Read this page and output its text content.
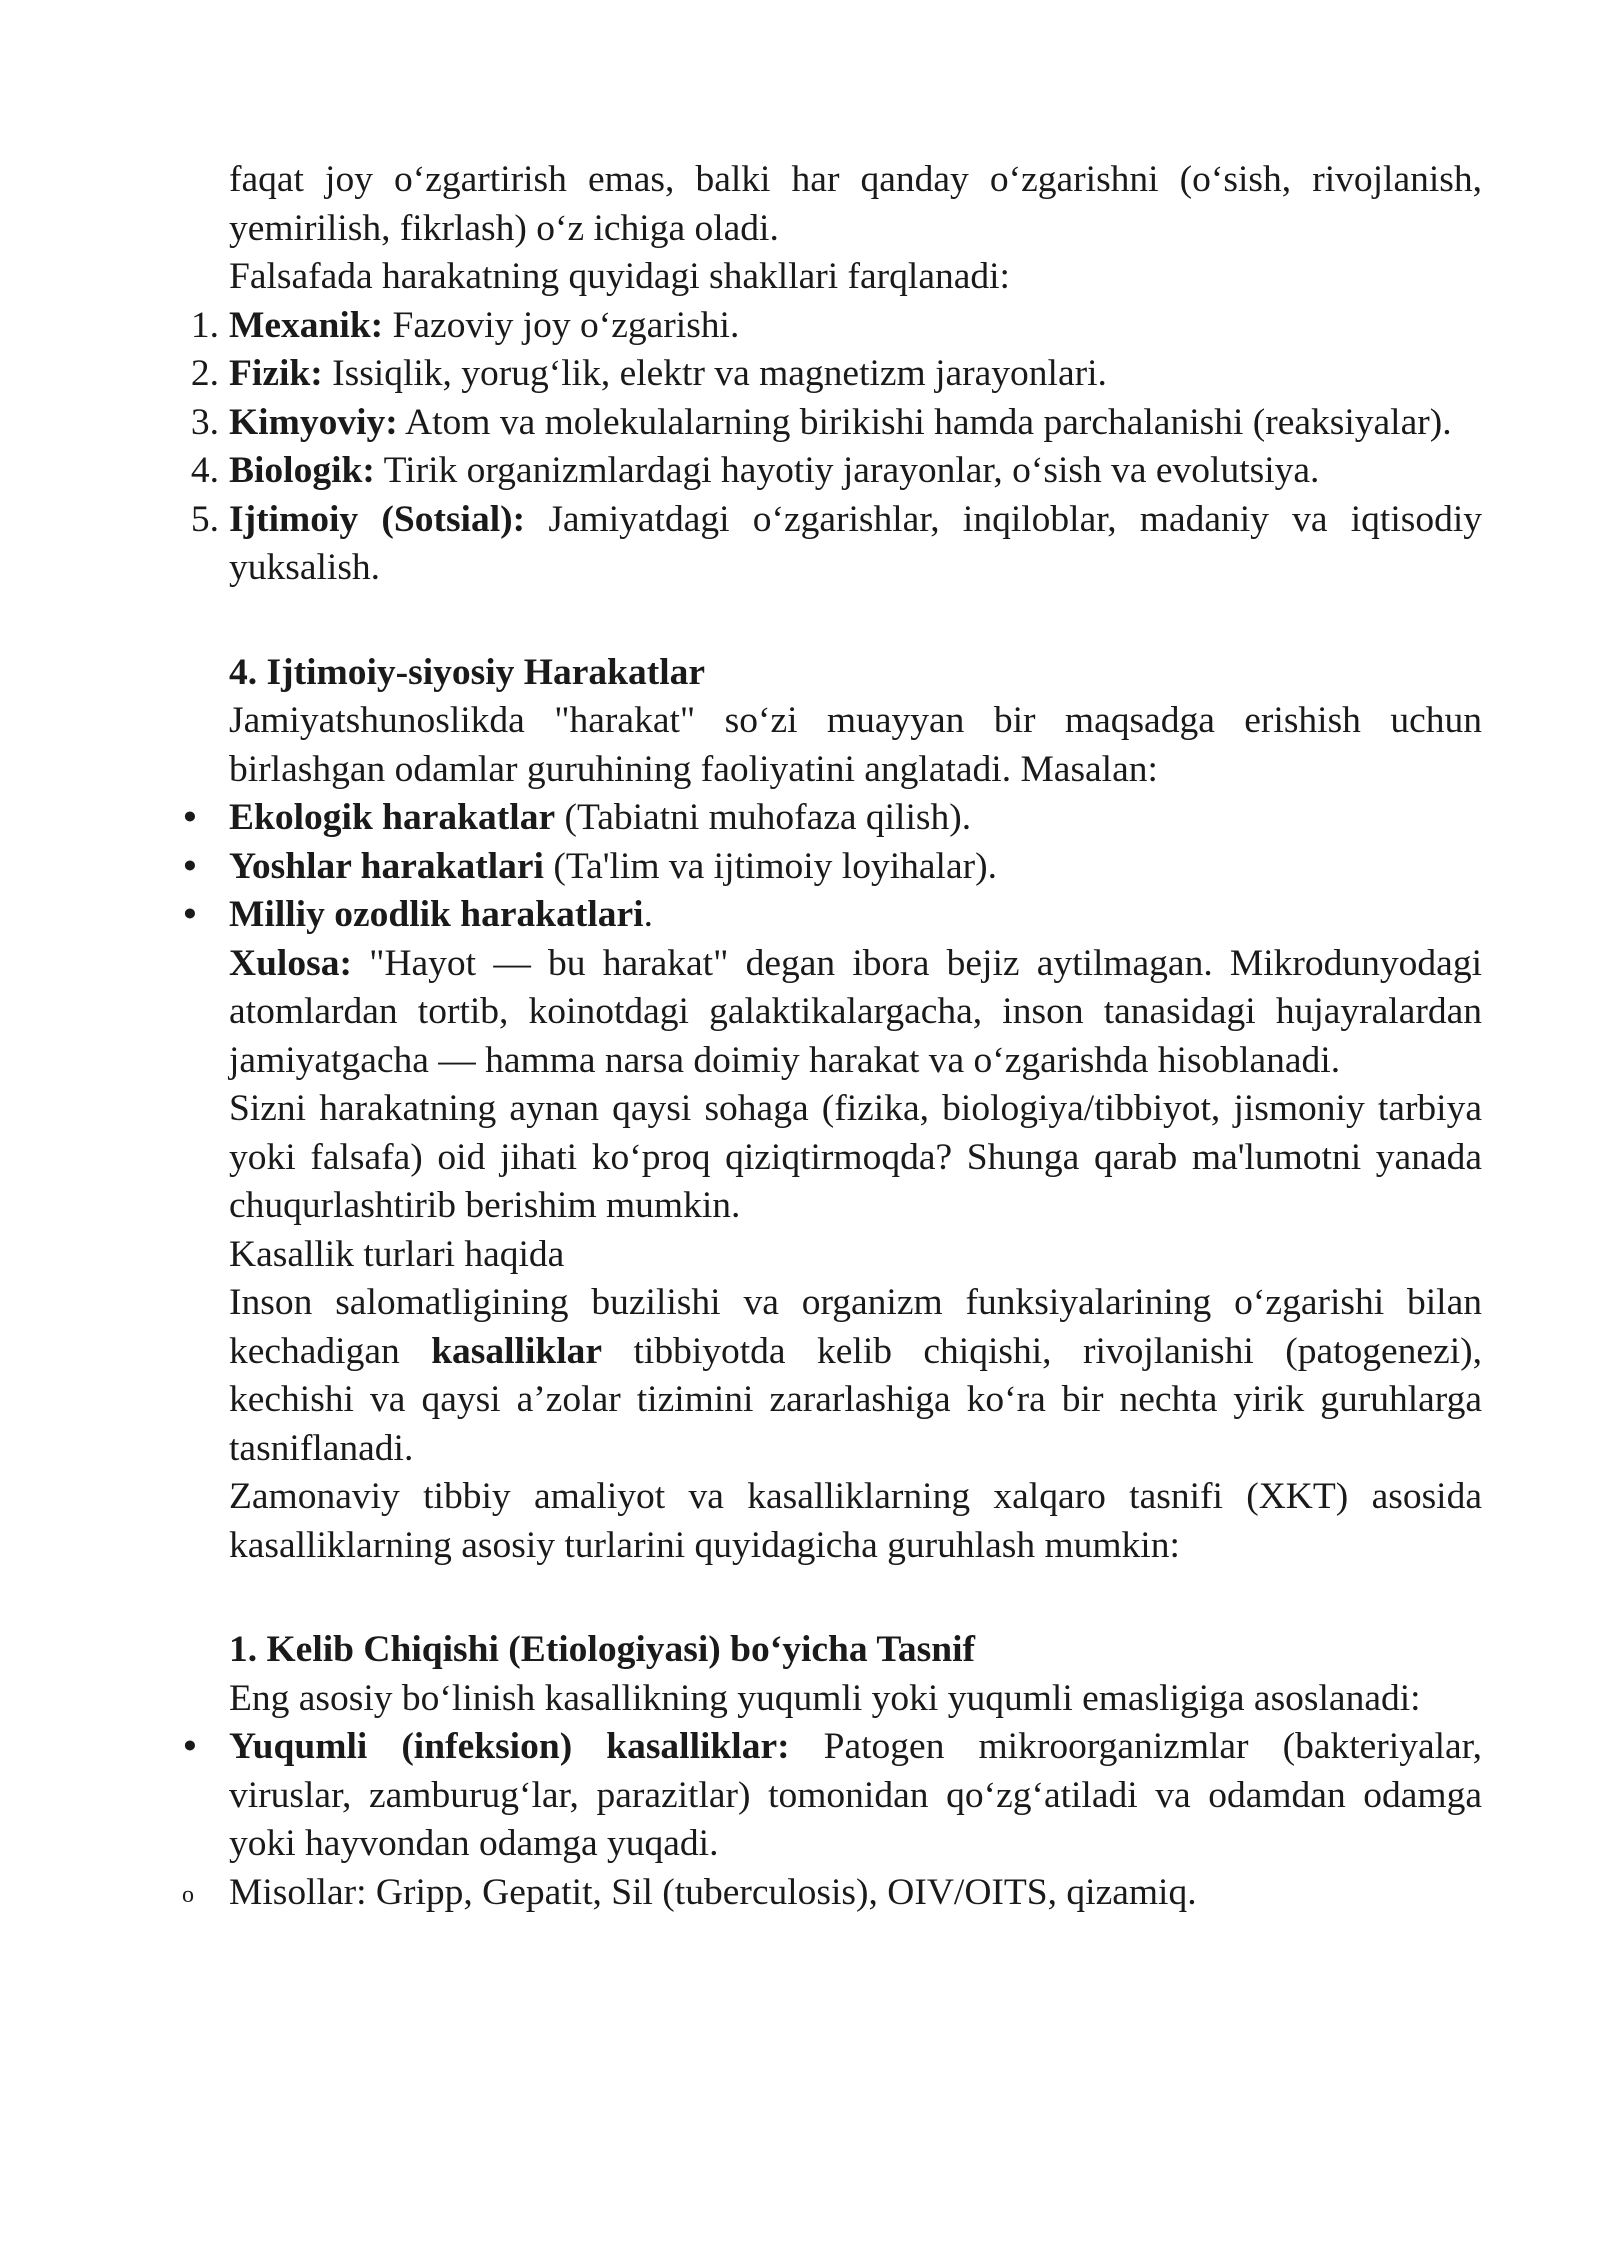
faqat joy o‘zgartirish emas, balki har qanday o‘zgarishni (o‘sish, rivojlanish, yemirilish, fikrlash) o‘z ichiga oladi.

Falsafada harakatning quyidagi shakllari farqlanadi:

1. Mexanik: Fazoviy joy o‘zgarishi.

2. Fizik: Issiqlik, yorug‘lik, elektr va magnetizm jarayonlari.

3. Kimyoviy: Atom va molekulalarning birikishi hamda parchalanishi (reaksiyalar).

4. Biologik: Tirik organizmlardagi hayotiy jarayonlar, o‘sish va evolutsiya.

5. Ijtimoiy (Sotsial): Jamiyatdagi o‘zgarishlar, inqiloblar, madaniy va iqtisodiy yuksalish.

4. Ijtimoiy-siyosiy Harakatlar

Jamiyatshunoslikda "harakat" so‘zi muayyan bir maqsadga erishish uchun birlashgan odamlar guruhining faoliyatini anglatadi. Masalan:

• Ekologik harakatlar (Tabiatni muhofaza qilish).

• Yoshlar harakatlari (Ta'lim va ijtimoiy loyihalar).

• Milliy ozodlik harakatlari.

Xulosa: "Hayot — bu harakat" degan ibora bejiz aytilmagan. Mikrodunyodagi atomlardan tortib, koinotdagi galaktikalargacha, inson tanasidagi hujayralardan jamiyatgacha — hamma narsa doimiy harakat va o‘zgarishda hisoblanadi.

Sizni harakatning aynan qaysi sohaga (fizika, biologiya/tibbiyot, jismoniy tarbiya yoki falsafa) oid jihati ko‘proq qiziqtirmoqda? Shunga qarab ma'lumotni yanada chuqurlashtirib berishim mumkin.

Kasallik turlari haqida

Inson salomatligining buzilishi va organizm funksiyalarining o‘zgarishi bilan kechadigan kasalliklar tibbiyotda kelib chiqishi, rivojlanishi (patogenezi), kechishi va qaysi a’zolar tizimini zararlashiga ko‘ra bir nechta yirik guruhlarga tasniflanadi.

Zamonaviy tibbiy amaliyot va kasalliklarning xalqaro tasnifi (XKT) asosida kasalliklarning asosiy turlarini quyidagicha guruhlash mumkin:

1. Kelib Chiqishi (Etiologiyasi) bo‘yicha Tasnif

Eng asosiy bo‘linish kasallikning yuqumli yoki yuqumli emasligiga asoslanadi:

• Yuqumli (infeksion) kasalliklar: Patogen mikroorganizmlar (bakteriyalar, viruslar, zamburug‘lar, parazitlar) tomonidan qo‘zg‘atiladi va odamdan odamga yoki hayvondan odamga yuqadi.

o Misollar: Gripp, Gepatit, Sil (tuberculosis), OIV/OITS, qizamiq.
